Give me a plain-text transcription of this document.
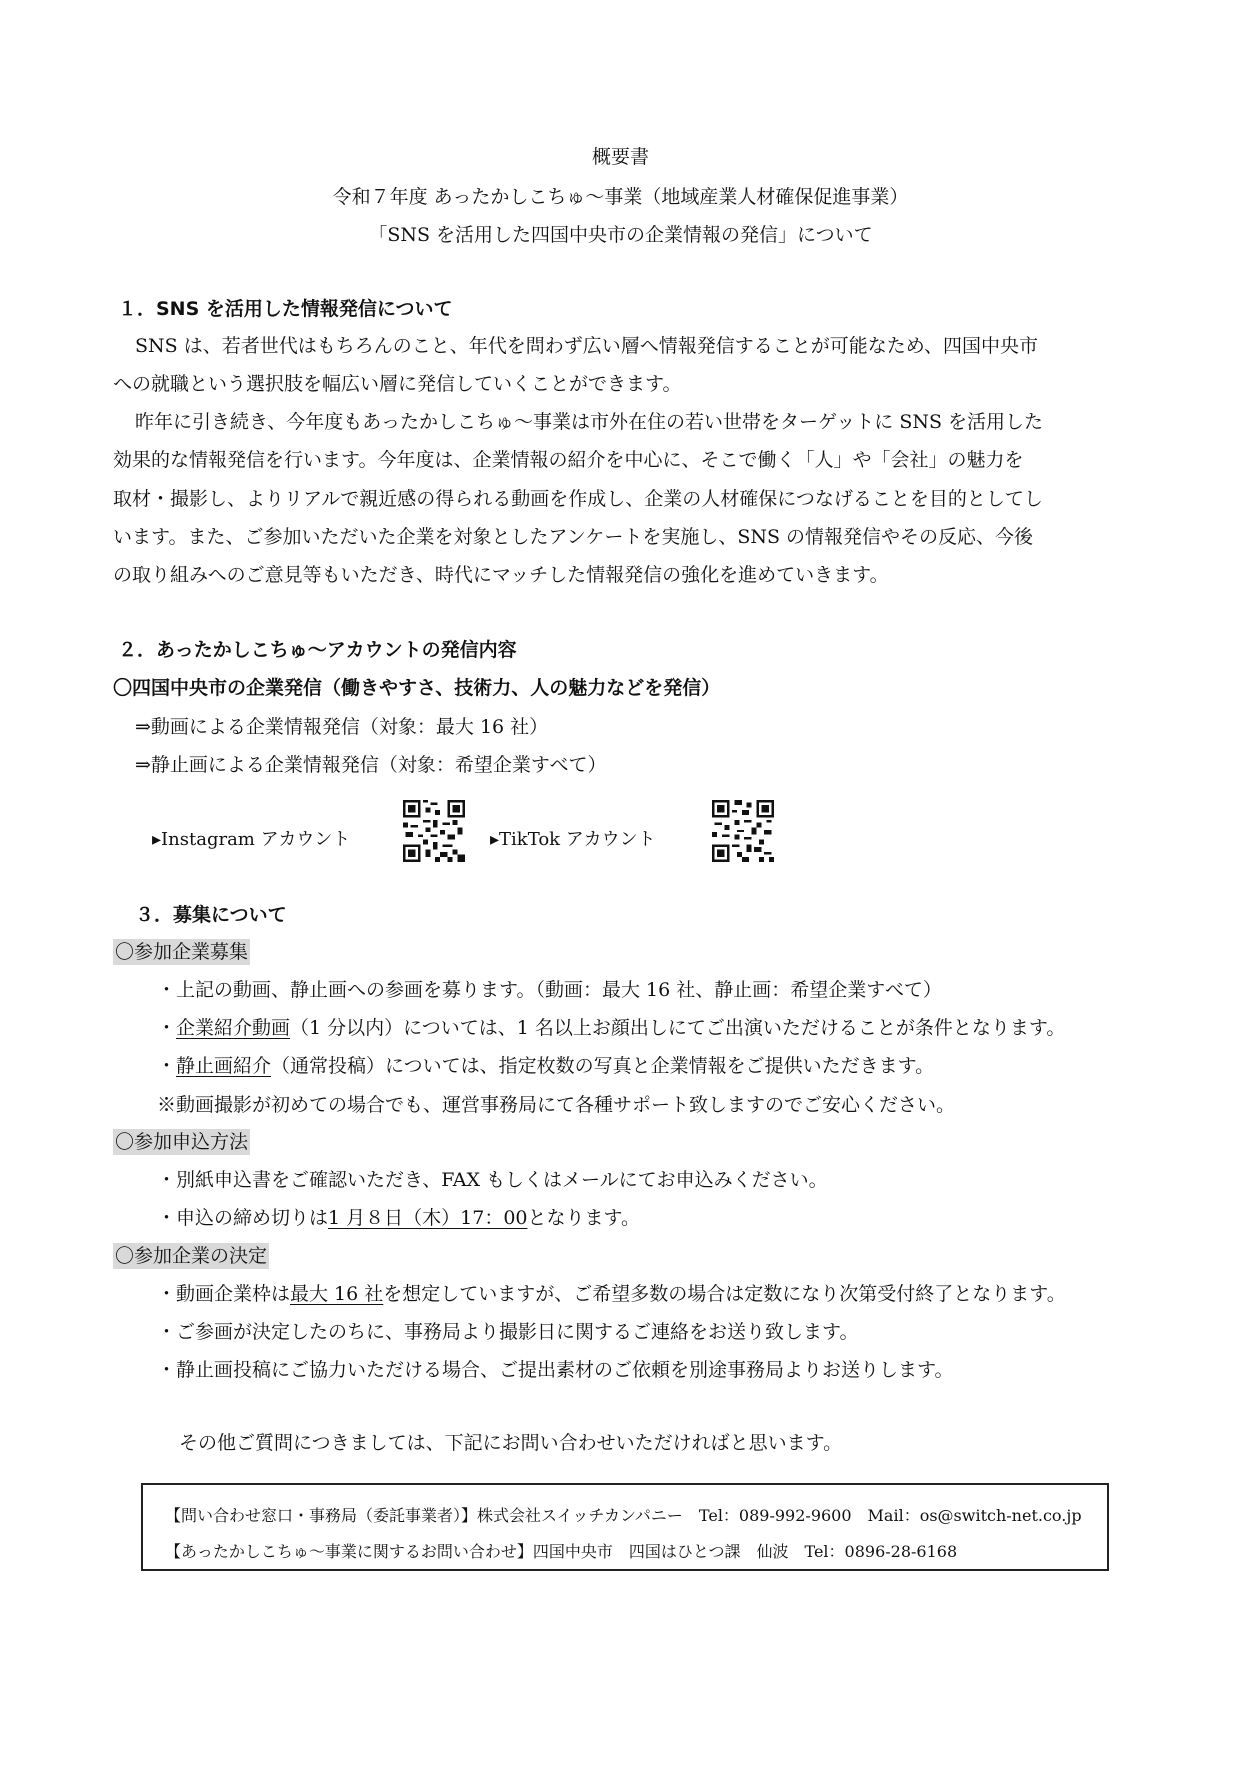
概要書
令和７年度 あったかしこちゅ〜事業（地域産業人材確保促進事業）
「SNS を活用した四国中央市の企業情報の発信」について
１．SNS を活用した情報発信について
SNS は、若者世代はもちろんのこと、年代を問わず広い層へ情報発信することが可能なため、四国中央市
への就職という選択肢を幅広い層に発信していくことができます。
昨年に引き続き、今年度もあったかしこちゅ〜事業は市外在住の若い世帯をターゲットに SNS を活用した
効果的な情報発信を行います。今年度は、企業情報の紹介を中心に、そこで働く「人」や「会社」の魅力を
取材・撮影し、よりリアルで親近感の得られる動画を作成し、企業の人材確保につなげることを目的としてし
います。また、ご参加いただいた企業を対象としたアンケートを実施し、SNS の情報発信やその反応、今後
の取り組みへのご意見等もいただき、時代にマッチした情報発信の強化を進めていきます。
２．あったかしこちゅ〜アカウントの発信内容
〇四国中央市の企業発信（働きやすさ、技術力、人の魅力などを発信）
⇒動画による企業情報発信（対象：最大 16 社）
⇒静止画による企業情報発信（対象：希望企業すべて）
▸Instagram アカウント	▸TikTok アカウント
３．募集について
〇参加企業募集
・上記の動画、静止画への参画を募ります。（動画：最大 16 社、静止画：希望企業すべて）
・企業紹介動画（1 分以内）については、1 名以上お顔出しにてご出演いただけることが条件となります。
・静止画紹介（通常投稿）については、指定枚数の写真と企業情報をご提供いただきます。
※動画撮影が初めての場合でも、運営事務局にて各種サポート致しますのでご安心ください。
〇参加申込方法
・別紙申込書をご確認いただき、FAX もしくはメールにてお申込みください。
・申込の締め切りは1 月８日（木）17：00となります。
〇参加企業の決定
・動画企業枠は最大 16 社を想定していますが、ご希望多数の場合は定数になり次第受付終了となります。
・ご参画が決定したのちに、事務局より撮影日に関するご連絡をお送り致します。
・静止画投稿にご協力いただける場合、ご提出素材のご依頼を別途事務局よりお送りします。
その他ご質問につきましては、下記にお問い合わせいただければと思います。
【問い合わせ窓口・事務局（委託事業者）】株式会社スイッチカンパニー　Tel：089-992-9600　Mail：os@switch-net.co.jp
【あったかしこちゅ〜事業に関するお問い合わせ】四国中央市　四国はひとつ課　仙波　Tel：0896-28-6168
